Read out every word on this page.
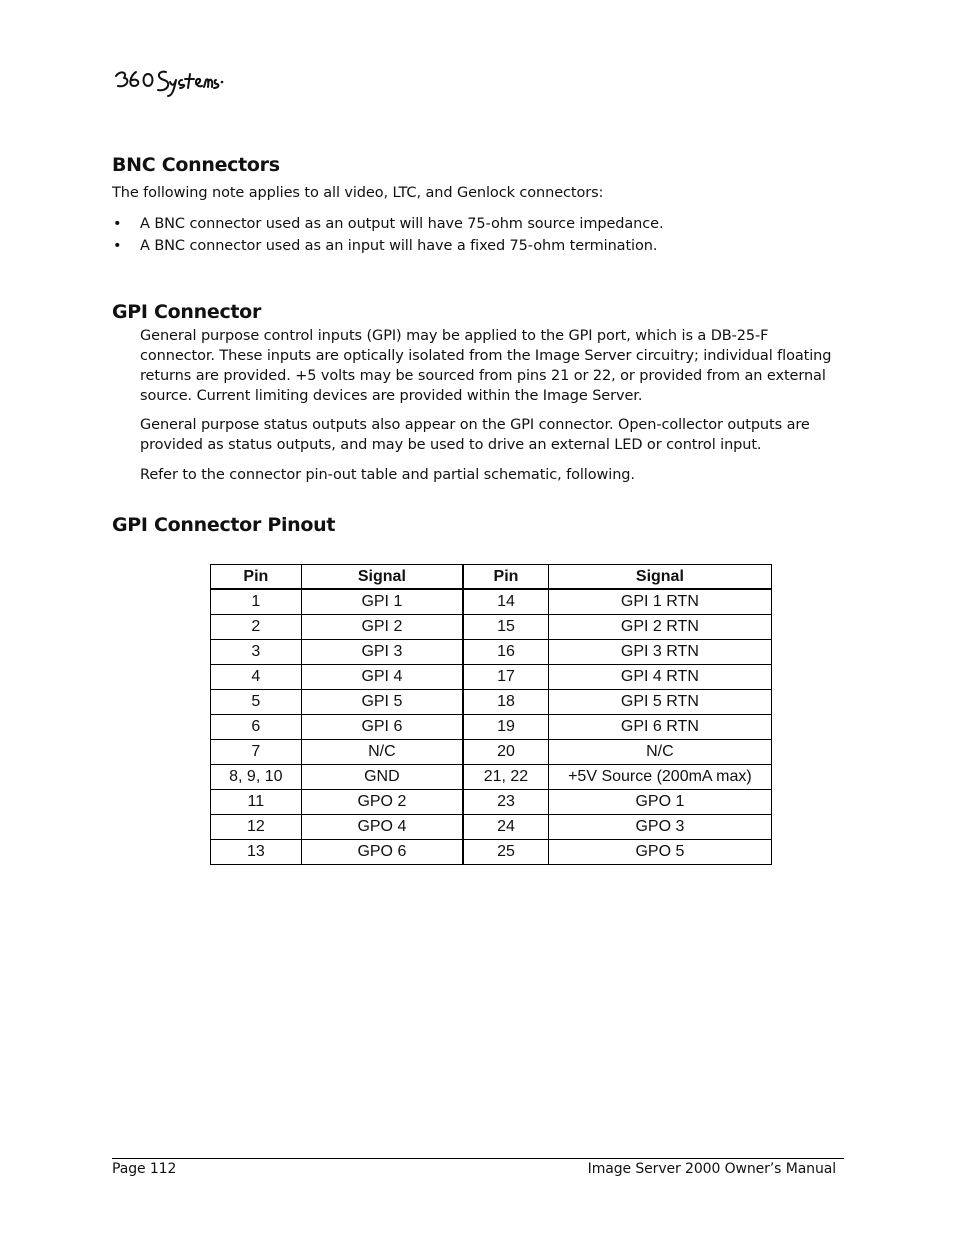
BNC Connectors

The following note applies to all video, LTC, and Genlock connectors:

• A BNC connector used as an output will have 75-ohm source impedance.
• A BNC connector used as an input will have a fixed 75-ohm termination.
GPI Connector

General purpose control inputs (GPI) may be applied to the GPI port, which is a DB-25-F connector. These inputs are optically isolated from the Image Server circuitry; individual floating returns are provided. +5 volts may be sourced from pins 21 or 22, or provided from an external source. Current limiting devices are provided within the Image Server.

General purpose status outputs also appear on the GPI connector. Open-collector outputs are provided as status outputs, and may be used to drive an external LED or control input.

Refer to the connector pin-out table and partial schematic, following.

GPI Connector Pinout
Pin	Signal	Pin	Signal
1	GPI 1	14	GPI 1 RTN
2	GPI 2	15	GPI 2 RTN
3	GPI 3	16	GPI 3 RTN
4	GPI 4	17	GPI 4 RTN
5	GPI 5	18	GPI 5 RTN
6	GPI 6	19	GPI 6 RTN
7	N/C	20	N/C
8, 9, 10	GND	21, 22	+5V Source (200mA max)
11	GPO 2	23	GPO 1
12	GPO 4	24	GPO 3
13	GPO 6	25	GPO 5
Page 112	Image Server 2000 Owner’s Manual
